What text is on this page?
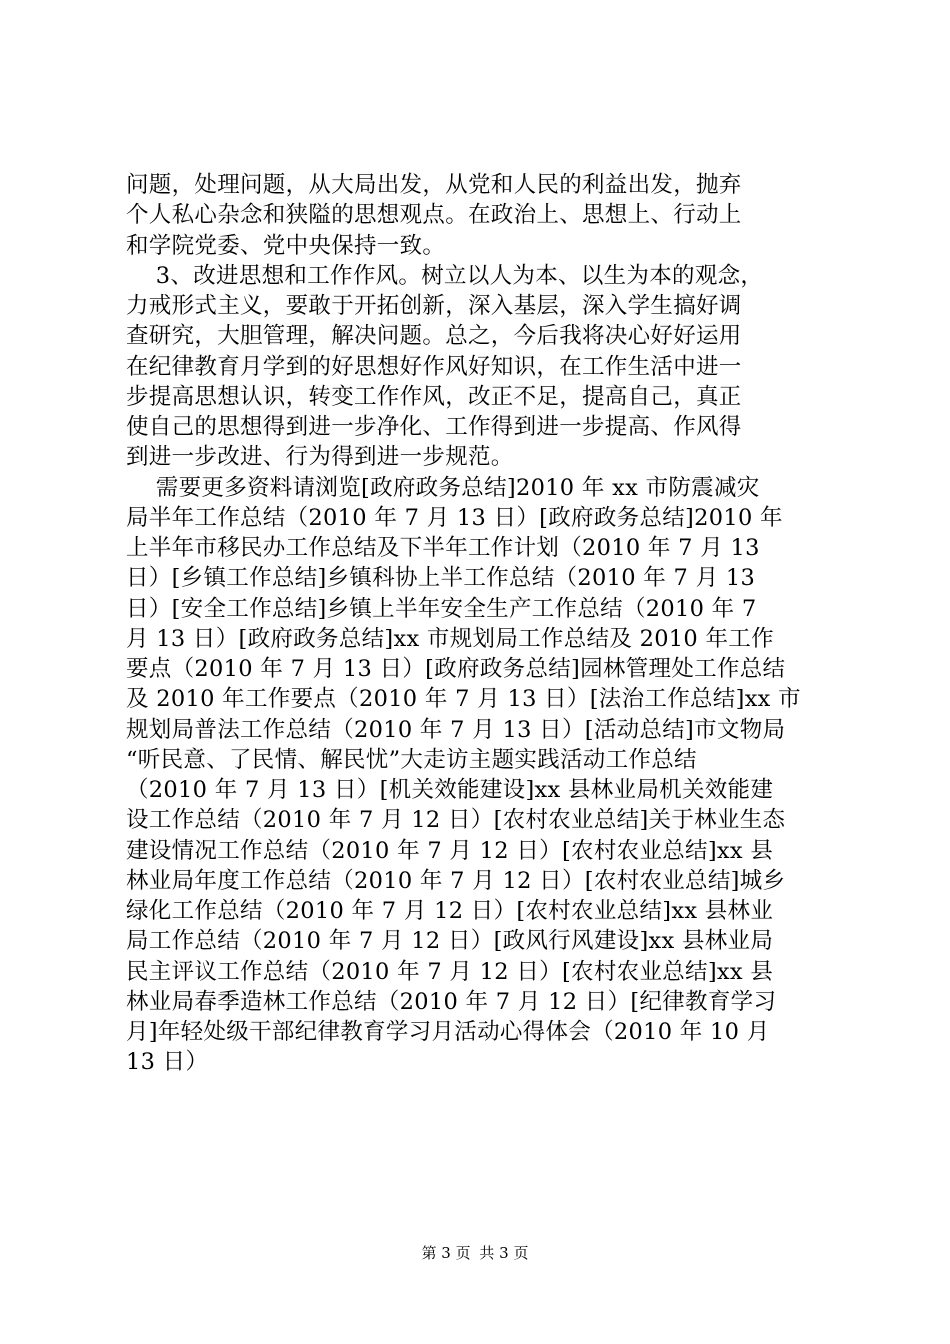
问题，处理问题，从大局出发，从党和人民的利益出发，抛弃
个人私心杂念和狭隘的思想观点。在政治上、思想上、行动上
和学院党委、党中央保持一致。
3、改进思想和工作作风。树立以人为本、以生为本的观念，
力戒形式主义，要敢于开拓创新，深入基层，深入学生搞好调
查研究，大胆管理，解决问题。总之，今后我将决心好好运用
在纪律教育月学到的好思想好作风好知识，在工作生活中进一
步提高思想认识，转变工作作风，改正不足，提高自己，真正
使自己的思想得到进一步净化、工作得到进一步提高、作风得
到进一步改进、行为得到进一步规范。
需要更多资料请浏览[政府政务总结]2010 年 xx 市防震减灾
局半年工作总结（2010 年 7 月 13 日）[政府政务总结]2010 年
上半年市移民办工作总结及下半年工作计划（2010 年 7 月 13
日）[乡镇工作总结]乡镇科协上半工作总结（2010 年 7 月 13
日）[安全工作总结]乡镇上半年安全生产工作总结（2010 年 7
月 13 日）[政府政务总结]xx 市规划局工作总结及 2010 年工作
要点（2010 年 7 月 13 日）[政府政务总结]园林管理处工作总结
及 2010 年工作要点（2010 年 7 月 13 日）[法治工作总结]xx 市
规划局普法工作总结（2010 年 7 月 13 日）[活动总结]市文物局
“听民意、了民情、解民忧”大走访主题实践活动工作总结
（2010 年 7 月 13 日）[机关效能建设]xx 县林业局机关效能建
设工作总结（2010 年 7 月 12 日）[农村农业总结]关于林业生态
建设情况工作总结（2010 年 7 月 12 日）[农村农业总结]xx 县
林业局年度工作总结（2010 年 7 月 12 日）[农村农业总结]城乡
绿化工作总结（2010 年 7 月 12 日）[农村农业总结]xx 县林业
局工作总结（2010 年 7 月 12 日）[政风行风建设]xx 县林业局
民主评议工作总结（2010 年 7 月 12 日）[农村农业总结]xx 县
林业局春季造林工作总结（2010 年 7 月 12 日）[纪律教育学习
月]年轻处级干部纪律教育学习月活动心得体会（2010 年 10 月
13 日）
第 3 页 共 3 页
